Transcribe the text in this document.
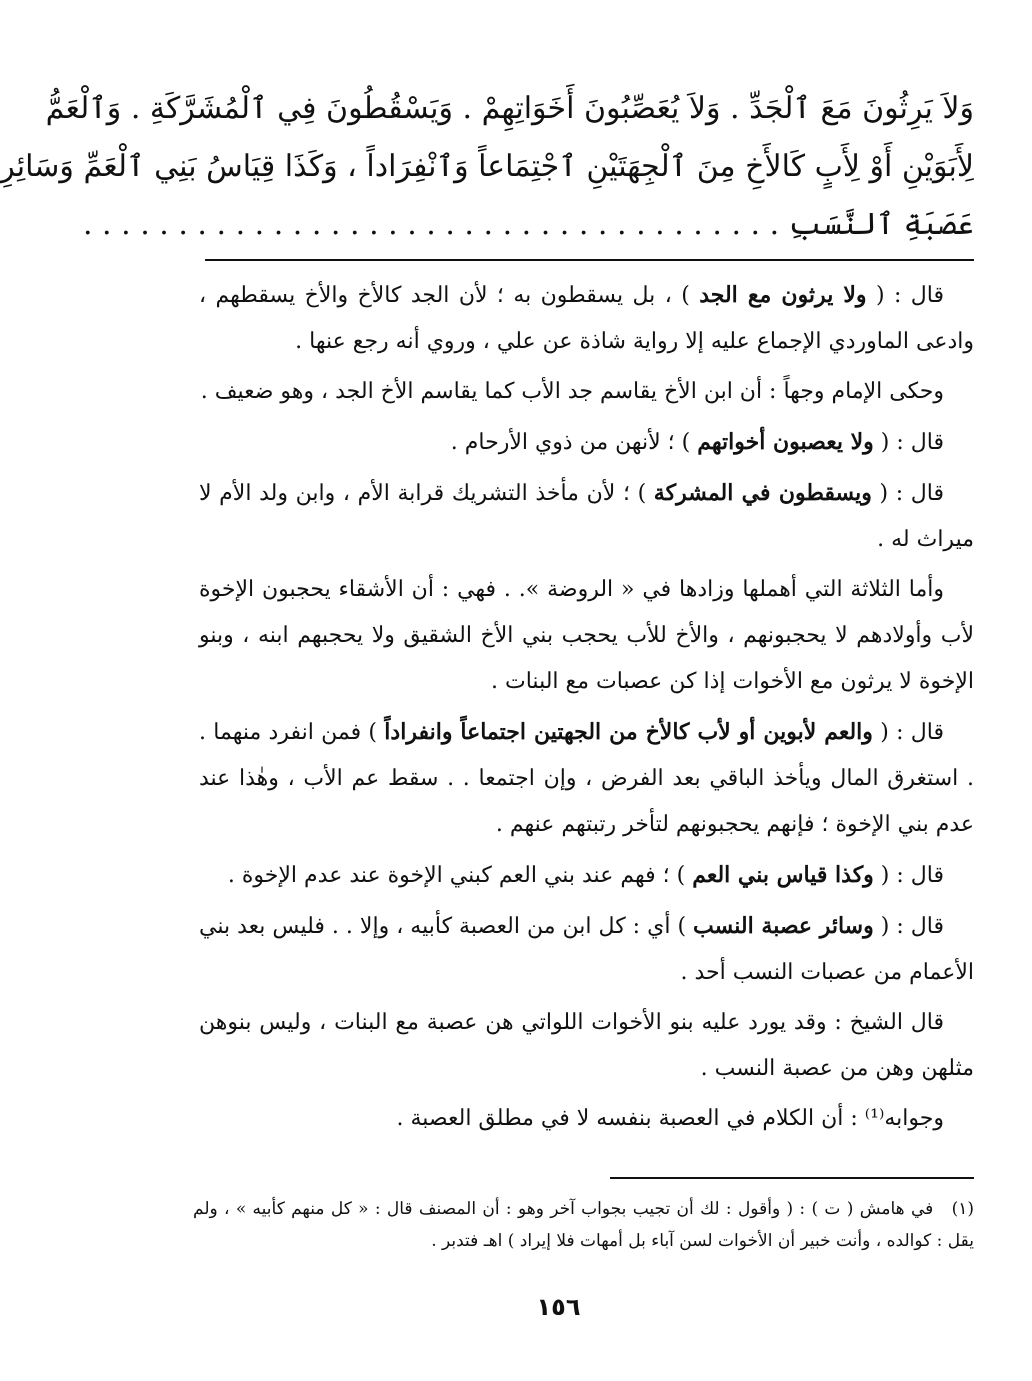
وَلاَ يَرِثُونَ مَعَ ٱلْجَدِّ . وَلاَ يُعَصِّبُونَ أَخَوَاتِهِمْ . وَيَسْقُطُونَ فِي ٱلْمُشَرَّكَةِ . وَٱلْعَمُّ
لِأَبَوَيْنِ أَوْ لِأَبٍ كَالأَخِ مِنَ ٱلْجِهَتَيْنِ ٱجْتِمَاعاً وَٱنْفِرَاداً ، وَكَذَا قِيَاسُ بَنِي ٱلْعَمِّ وَسَائِرِ
عَصَبَةِ ٱلنَّسَبِ . . . . . . . . . . . . . . . . . . . . . . . . . . . . . . . . . . . . .

قال : ( ولا يرثون مع الجد ) ، بل يسقطون به ؛ لأن الجد كالأخ والأخ يسقطهم ، وادعى الماوردي الإجماع عليه إلا رواية شاذة عن علي ، وروي أنه رجع عنها .

وحكى الإمام وجهاً : أن ابن الأخ يقاسم جد الأب كما يقاسم الأخ الجد ، وهو ضعيف .

قال : ( ولا يعصبون أخواتهم ) ؛ لأنهن من ذوي الأرحام .

قال : ( ويسقطون في المشركة ) ؛ لأن مأخذ التشريك قرابة الأم ، وابن ولد الأم لا ميراث له .

وأما الثلاثة التي أهملها وزادها في « الروضة ». . فهي : أن الأشقاء يحجبون الإخوة لأب وأولادهم لا يحجبونهم ، والأخ للأب يحجب بني الأخ الشقيق ولا يحجبهم ابنه ، وبنو الإخوة لا يرثون مع الأخوات إذا كن عصبات مع البنات .

قال : ( والعم لأبوين أو لأب كالأخ من الجهتين اجتماعاً وانفراداً ) فمن انفرد منهما . . استغرق المال ويأخذ الباقي بعد الفرض ، وإن اجتمعا . . سقط عم الأب ، وهٰذا عند عدم بني الإخوة ؛ فإنهم يحجبونهم لتأخر رتبتهم عنهم .

قال : ( وكذا قياس بني العم ) ؛ فهم عند بني العم كبني الإخوة عند عدم الإخوة .

قال : ( وسائر عصبة النسب ) أي : كل ابن من العصبة كأبيه ، وإلا . . فليس بعد بني الأعمام من عصبات النسب أحد .

قال الشيخ : وقد يورد عليه بنو الأخوات اللواتي هن عصبة مع البنات ، وليس بنوهن مثلهن وهن من عصبة النسب .

وجوابه⁽¹⁾ : أن الكلام في العصبة بنفسه لا في مطلق العصبة .

(١) في هامش ( ت ) : ( وأقول : لك أن تجيب بجواب آخر وهو : أن المصنف قال : « كل منهم كأبيه » ، ولم يقل : كوالده ، وأنت خبير أن الأخوات لسن آباء بل أمهات فلا إيراد ) اهـ فتدبر .
١٥٦
